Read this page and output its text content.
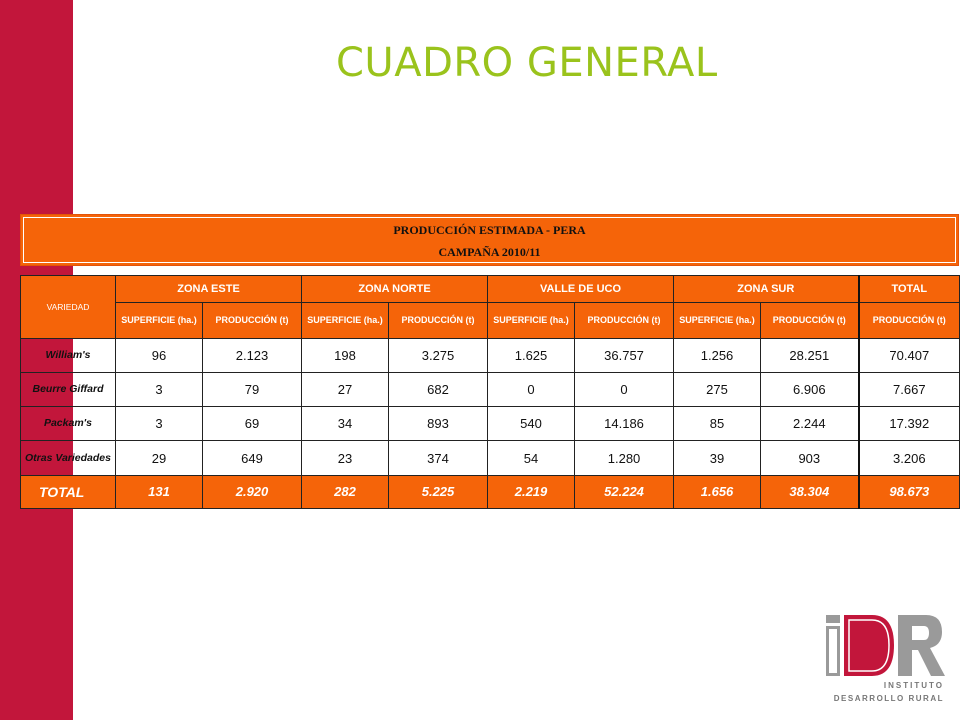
CUADRO GENERAL
PRODUCCIÓN ESTIMADA - PERA
CAMPAÑA 2010/11
VARIEDAD	ZONA ESTE		ZONA NORTE		VALLE DE UCO		ZONA SUR		TOTAL
	SUPERFICIE (ha.)	PRODUCCIÓN (t)	SUPERFICIE (ha.)	PRODUCCIÓN (t)	SUPERFICIE (ha.)	PRODUCCIÓN (t)	SUPERFICIE (ha.)	PRODUCCIÓN (t)	PRODUCCIÓN (t)
William's	96	2.123	198	3.275	1.625	36.757	1.256	28.251	70.407
Beurre Giffard	3	79	27	682	0	0	275	6.906	7.667
Packam's	3	69	34	893	540	14.186	85	2.244	17.392
Otras Variedades	29	649	23	374	54	1.280	39	903	3.206
TOTAL	131	2.920	282	5.225	2.219	52.224	1.656	38.304	98.673
INSTITUTO
DESARROLLO RURAL
